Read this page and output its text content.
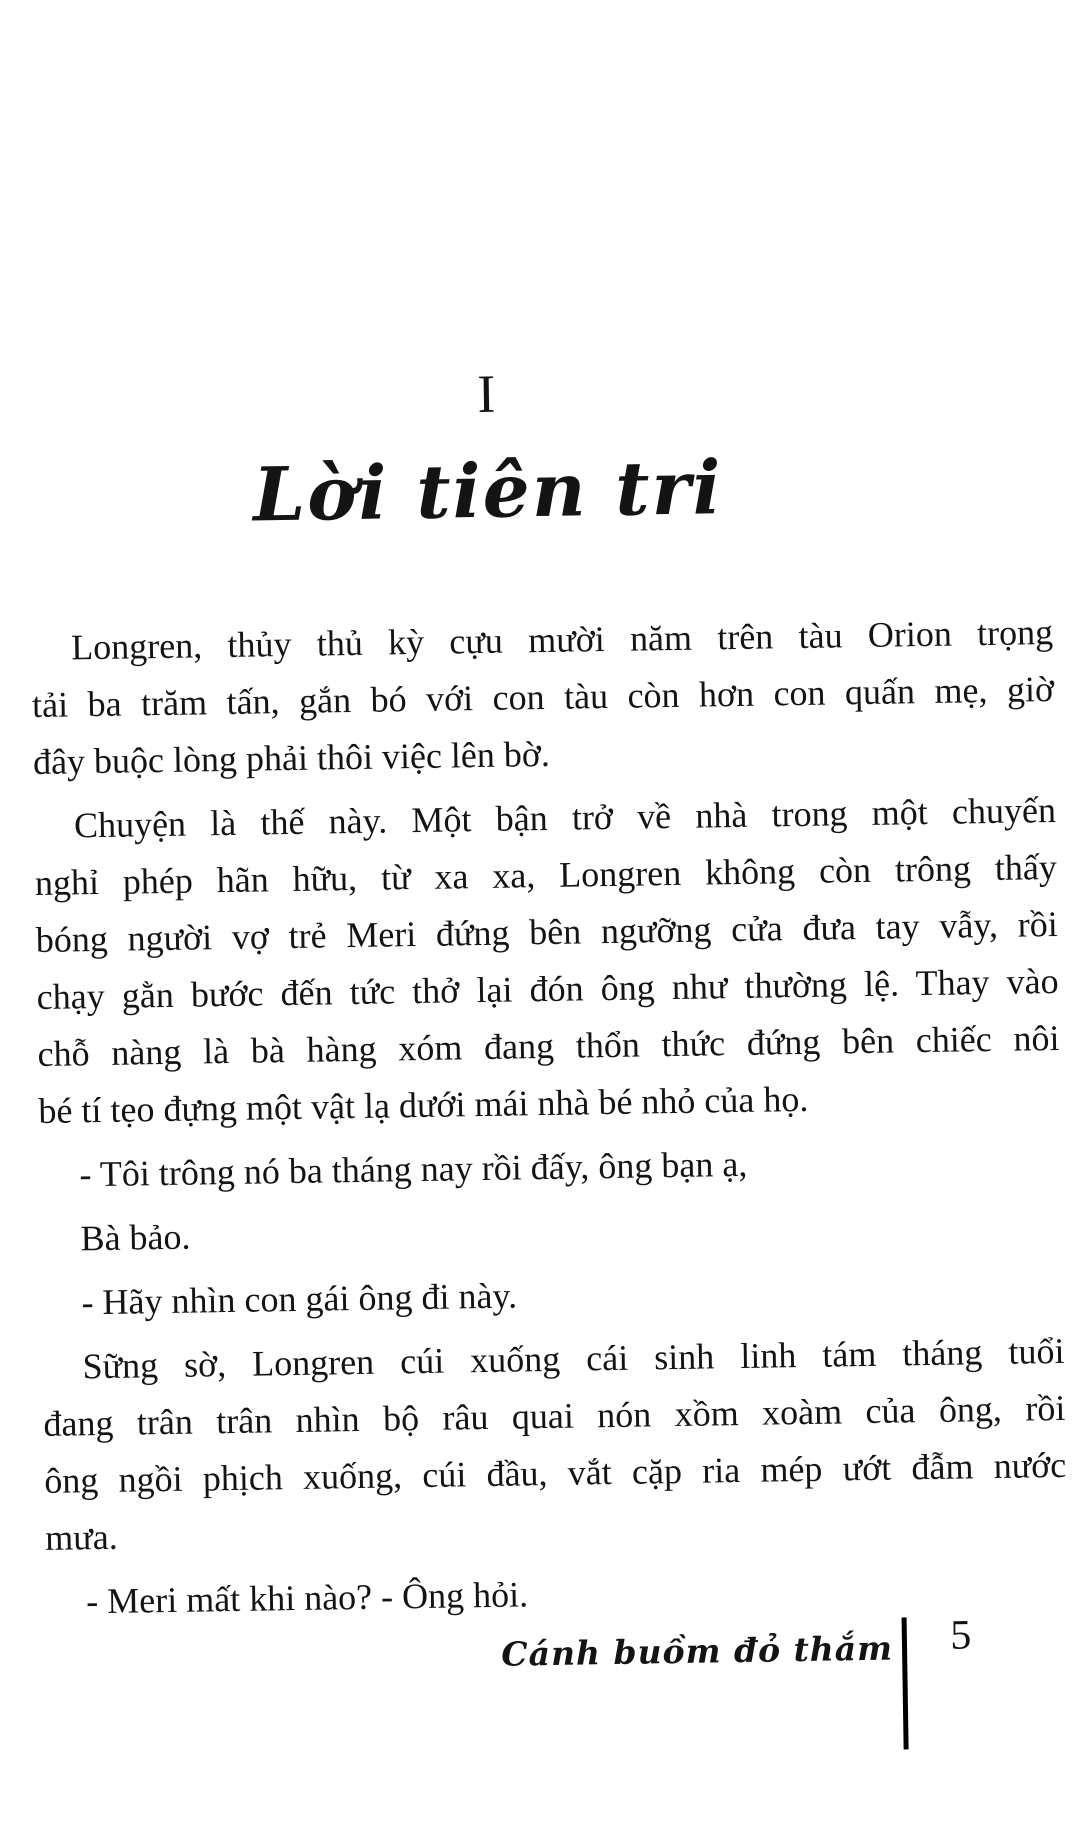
I
Lời tiên tri
Longren, thủy thủ kỳ cựu mười năm trên tàu Orion trọng
tải ba trăm tấn, gắn bó với con tàu còn hơn con quấn mẹ, giờ
đây buộc lòng phải thôi việc lên bờ.
Chuyện là thế này. Một bận trở về nhà trong một chuyến
nghỉ phép hãn hữu, từ xa xa, Longren không còn trông thấy
bóng người vợ trẻ Meri đứng bên ngưỡng cửa đưa tay vẫy, rồi
chạy gằn bước đến tức thở lại đón ông như thường lệ. Thay vào
chỗ nàng là bà hàng xóm đang thổn thức đứng bên chiếc nôi
bé tí tẹo đựng một vật lạ dưới mái nhà bé nhỏ của họ.
- Tôi trông nó ba tháng nay rồi đấy, ông bạn ạ,
Bà bảo.
- Hãy nhìn con gái ông đi này.
Sững sờ, Longren cúi xuống cái sinh linh tám tháng tuổi
đang trân trân nhìn bộ râu quai nón xồm xoàm của ông, rồi
ông ngồi phịch xuống, cúi đầu, vắt cặp ria mép ướt đẫm nước
mưa.
- Meri mất khi nào? - Ông hỏi.
Cánh buồm đỏ thắm 5
